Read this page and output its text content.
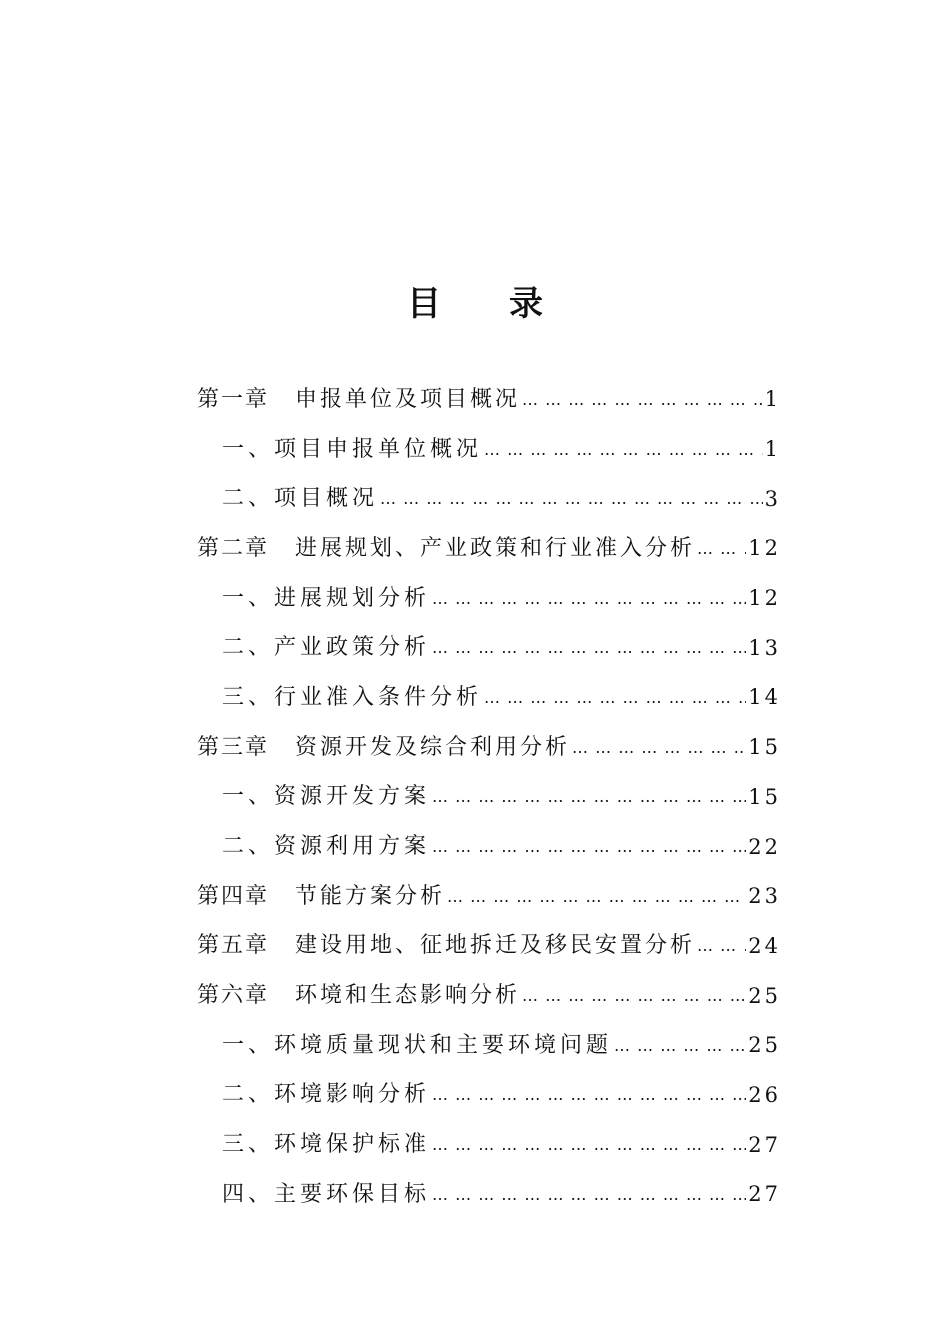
目 录
第一章 申报单位及项目概况 … … … … … … … … … … … … … … … … … … … … … … … … … … … … … … … … … … … … … … … … … …	1
一、项目申报单位概况 … … … … … … … … … … … … … … … … … … … … … … … … … … … … … … … … … … … … … … … … … …	1
二、项目概况 … … … … … … … … … … … … … … … … … … … … … … … … … … … … … … … … … … … … … … … … … …	3
第二章 进展规划、产业政策和行业准入分析 … … … … … … … … … … … … … … … … … … … … … … … … … … … … … … … … … … … … … … … … … …	12
一、进展规划分析 … … … … … … … … … … … … … … … … … … … … … … … … … … … … … … … … … … … … … … … … … …	12
二、产业政策分析 … … … … … … … … … … … … … … … … … … … … … … … … … … … … … … … … … … … … … … … … … …	13
三、行业准入条件分析 … … … … … … … … … … … … … … … … … … … … … … … … … … … … … … … … … … … … … … … … … …	14
第三章 资源开发及综合利用分析 … … … … … … … … … … … … … … … … … … … … … … … … … … … … … … … … … … … … … … … … … …	15
一、资源开发方案 … … … … … … … … … … … … … … … … … … … … … … … … … … … … … … … … … … … … … … … … … …	15
二、资源利用方案 … … … … … … … … … … … … … … … … … … … … … … … … … … … … … … … … … … … … … … … … … …	22
第四章 节能方案分析 … … … … … … … … … … … … … … … … … … … … … … … … … … … … … … … … … … … … … … … … … …	23
第五章 建设用地、征地拆迁及移民安置分析 … … … … … … … … … … … … … … … … … … … … … … … … … … … … … … … … … … … … … … … … … …	24
第六章 环境和生态影响分析 … … … … … … … … … … … … … … … … … … … … … … … … … … … … … … … … … … … … … … … … … …	25
一、环境质量现状和主要环境问题 … … … … … … … … … … … … … … … … … … … … … … … … … … … … … … … … … … … … … … … … … …	25
二、环境影响分析 … … … … … … … … … … … … … … … … … … … … … … … … … … … … … … … … … … … … … … … … … …	26
三、环境保护标准 … … … … … … … … … … … … … … … … … … … … … … … … … … … … … … … … … … … … … … … … … …	27
四、主要环保目标 … … … … … … … … … … … … … … … … … … … … … … … … … … … … … … … … … … … … … … … … … …	27
